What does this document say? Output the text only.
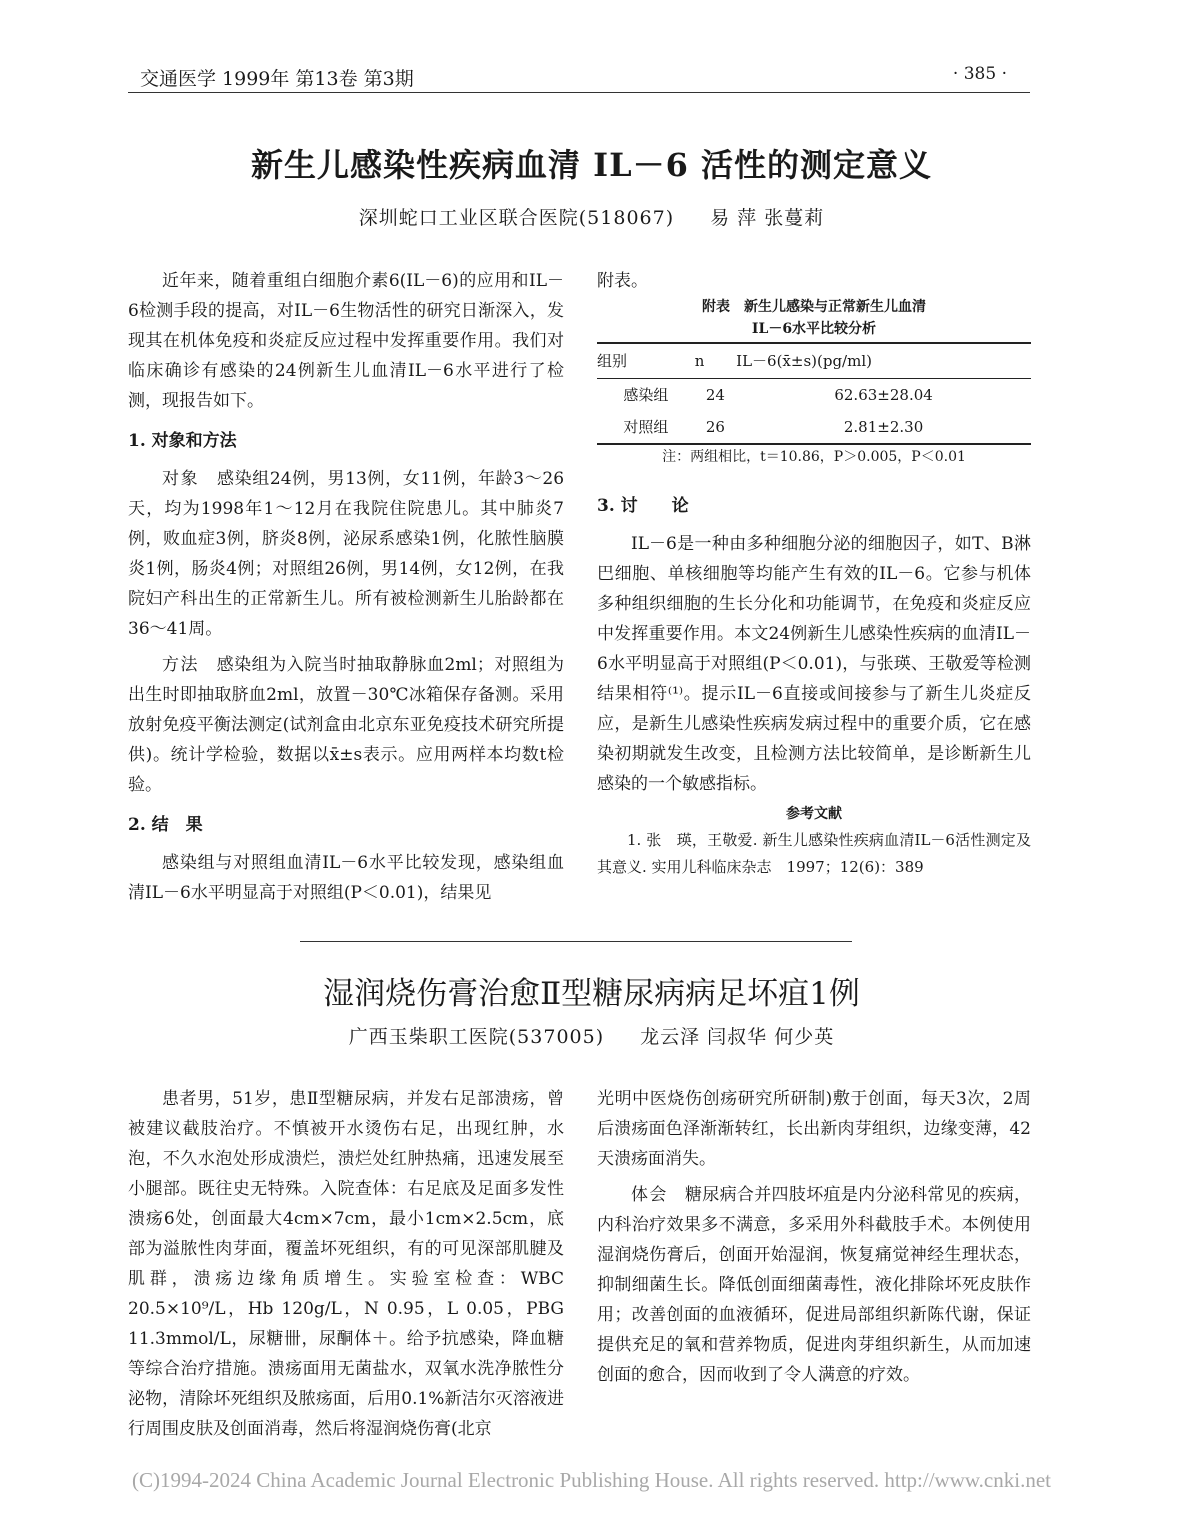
交通医学 1999年 第13卷 第3期	· 385 ·
新生儿感染性疾病血清 IL－6 活性的测定意义
深圳蛇口工业区联合医院(518067) 易 萍 张蔓莉

近年来，随着重组白细胞介素6(IL－6)的应用和IL－6检测手段的提高，对IL－6生物活性的研究日渐深入，发现其在机体免疫和炎症反应过程中发挥重要作用。我们对临床确诊有感染的24例新生儿血清IL－6水平进行了检测，现报告如下。

1. 对象和方法

对象　 感染组24例，男13例，女11例，年龄3～26天，均为1998年1～12月在我院住院患儿。其中肺炎7例，败血症3例，脐炎8例，泌尿系感染1例，化脓性脑膜炎1例，肠炎4例；对照组26例，男14例，女12例，在我院妇产科出生的正常新生儿。所有被检测新生儿胎龄都在36～41周。

方法　 感染组为入院当时抽取静脉血2ml；对照组为出生时即抽取脐血2ml，放置－30℃冰箱保存备测。采用放射免疫平衡法测定(试剂盒由北京东亚免疫技术研究所提供)。统计学检验，数据以x̄±s表示。应用两样本均数t检验。

2. 结　果

感染组与对照组血清IL－6水平比较发现，感染组血清IL－6水平明显高于对照组(P＜0.01)，结果见

附表。

附表　新生儿感染与正常新生儿血清
IL－6水平比较分析
组别	n	IL－6(x̄±s)(pg/ml)
感染组	24	62.63±28.04
对照组	26	2.81±2.30
注：两组相比，t＝10.86，P＞0.005，P＜0.01

3. 讨　　论

IL－6是一种由多种细胞分泌的细胞因子，如T、B淋巴细胞、单核细胞等均能产生有效的IL－6。它参与机体多种组织细胞的生长分化和功能调节，在免疫和炎症反应中发挥重要作用。本文24例新生儿感染性疾病的血清IL－6水平明显高于对照组(P＜0.01)，与张瑛、王敬爱等检测结果相符⁽¹⁾。提示IL－6直接或间接参与了新生儿炎症反应，是新生儿感染性疾病发病过程中的重要介质，它在感染初期就发生改变，且检测方法比较简单，是诊断新生儿感染的一个敏感指标。

参考文献

1. 张　瑛，王敬爱. 新生儿感染性疾病血清IL－6活性测定及其意义. 实用儿科临床杂志　1997；12(6)：389

湿润烧伤膏治愈Ⅱ型糖尿病病足坏疽1例
广西玉柴职工医院(537005) 龙云泽 闫叔华 何少英

患者男，51岁，患Ⅱ型糖尿病，并发右足部溃疡，曾被建议截肢治疗。不慎被开水烫伤右足，出现红肿，水泡，不久水泡处形成溃烂，溃烂处红肿热痛，迅速发展至小腿部。既往史无特殊。入院查体：右足底及足面多发性溃疡6处，创面最大4cm×7cm，最小1cm×2.5cm，底部为溢脓性肉芽面，覆盖坏死组织，有的可见深部肌腱及肌群，溃疡边缘角质增生。实验室检查：WBC 20.5×10⁹/L，Hb 120g/L，N 0.95，L 0.05，PBG 11.3mmol/L，尿糖卌，尿酮体＋。给予抗感染，降血糖等综合治疗措施。溃疡面用无菌盐水，双氧水洗净脓性分泌物，清除坏死组织及脓疡面，后用0.1%新洁尔灭溶液进行周围皮肤及创面消毒，然后将湿润烧伤膏(北京

光明中医烧伤创疡研究所研制)敷于创面，每天3次，2周后溃疡面色泽渐渐转红，长出新肉芽组织，边缘变薄，42天溃疡面消失。

体会　 糖尿病合并四肢坏疽是内分泌科常见的疾病，内科治疗效果多不满意，多采用外科截肢手术。本例使用湿润烧伤膏后，创面开始湿润，恢复痛觉神经生理状态，抑制细菌生长。降低创面细菌毒性，液化排除坏死皮肤作用；改善创面的血液循环，促进局部组织新陈代谢，保证提供充足的氧和营养物质，促进肉芽组织新生，从而加速创面的愈合，因而收到了令人满意的疗效。

(C)1994-2024 China Academic Journal Electronic Publishing House. All rights reserved. http://www.cnki.net
